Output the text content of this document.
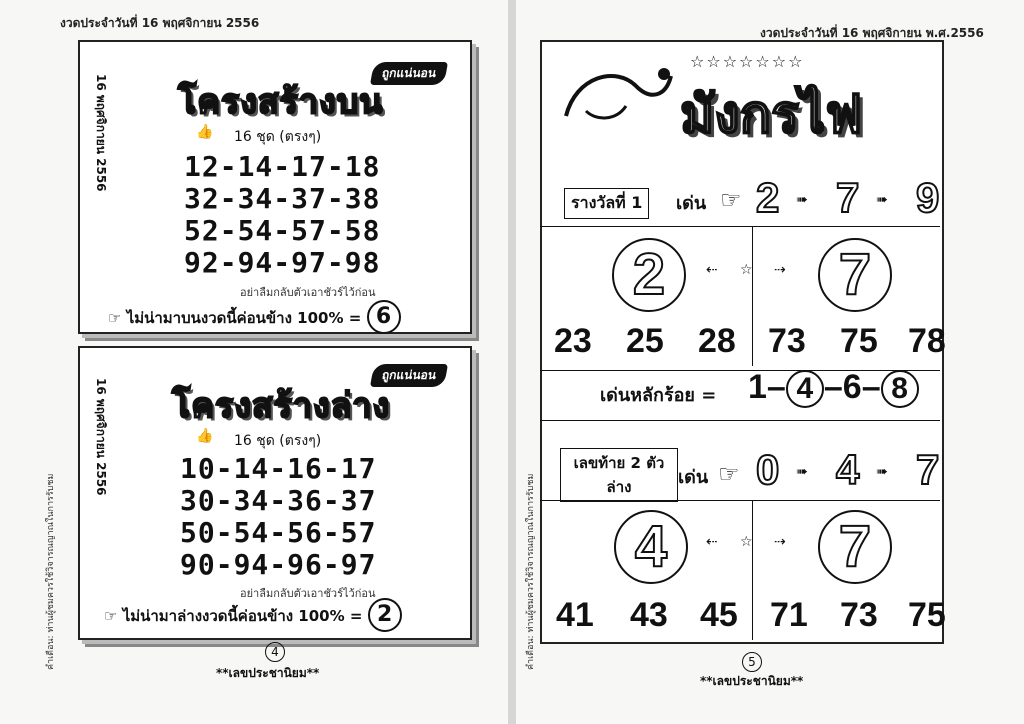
งวดประจำวันที่ 16 พฤศจิกายน 2556
ถูกแน่นอน
16 พฤศจิกายน 2556 โครงสร้างบน
👍 16 ชุด (ตรงๆ)
12-14-17-18
32-34-37-38
52-54-57-58
92-94-97-98
อย่าลืมกลับตัวเอาชัวร์ไว้ก่อน
☞ ไม่น่ามาบนงวดนี้ค่อนข้าง 100% = 6
ถูกแน่นอน
16 พฤศจิกายน 2556 โครงสร้างล่าง
👍 16 ชุด (ตรงๆ)
10-14-16-17
30-34-36-37
50-54-56-57
90-94-96-97
อย่าลืมกลับตัวเอาชัวร์ไว้ก่อน
☞ ไม่น่ามาล่างงวดนี้ค่อนข้าง 100% = 2
คำเตือน: ท่านผู้ชมควรใช้วิจารณญาณในการรับชม	4
**เลขประชานิยม**
งวดประจำวันที่ 16 พฤศจิกายน พ.ศ.2556
☆☆☆☆☆☆☆
มังกรไฟ
รางวัลที่ 1	เด่น ☞ 2 ➠ 7 ➠ 9
2	⇠ ☆ ⇢ 7
23 25 28 73 75 78
เด่นหลักร้อย = 1– 4 –6– 8
เลขท้าย 2 ตัว ล่าง	เด่น ☞ 0 ➠ 4 ➠ 7
4	⇠ ☆ ⇢ 7
41 43 45 71 73 75
คำเตือน: ท่านผู้ชมควรใช้วิจารณญาณในการรับชม	5
**เลขประชานิยม**
